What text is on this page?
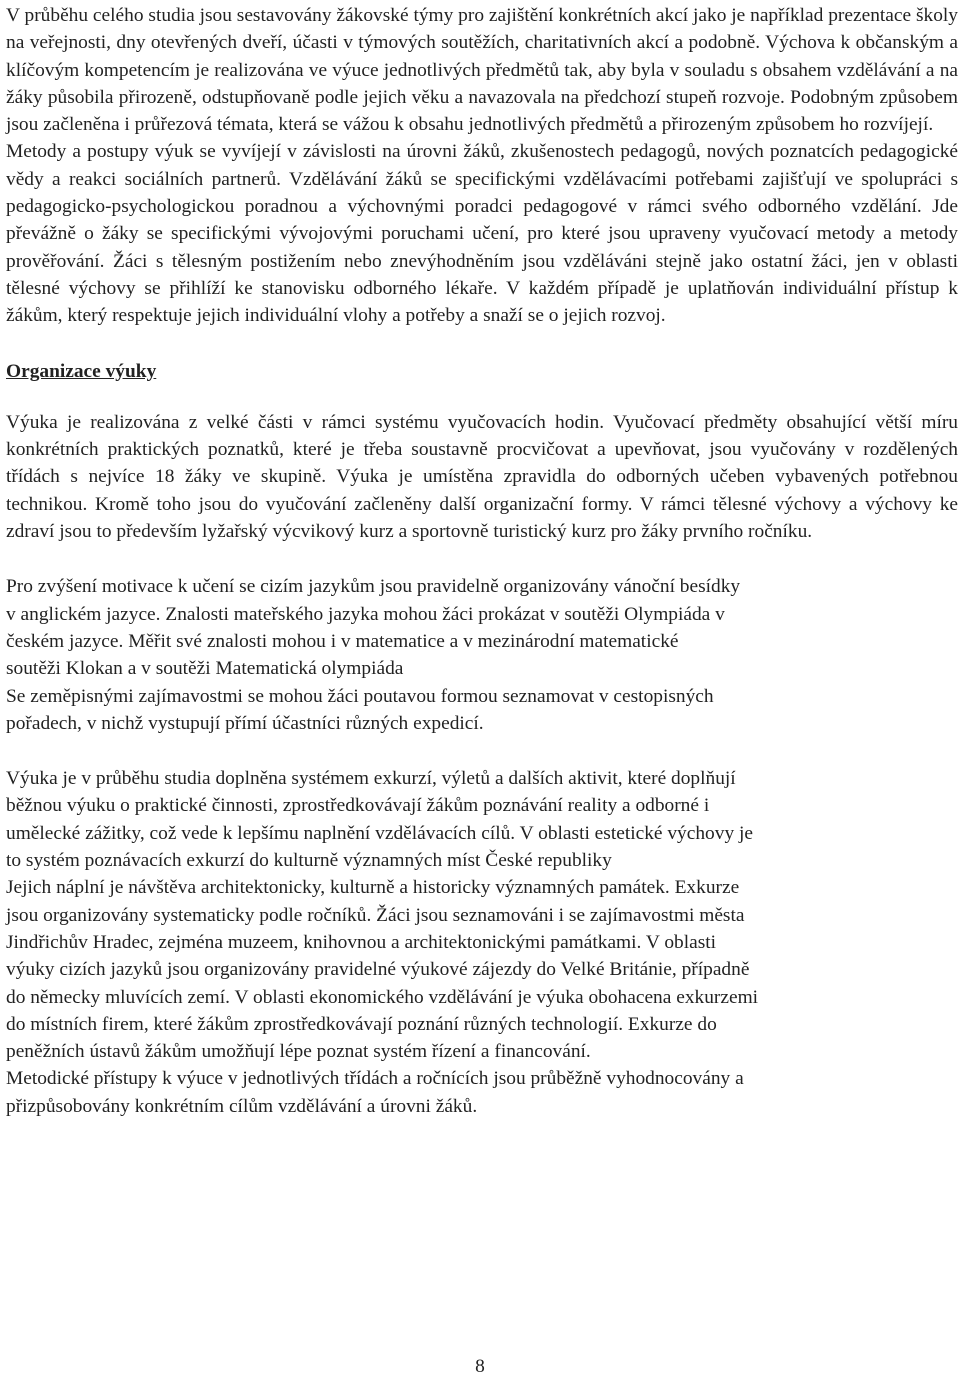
V průběhu celého studia jsou sestavovány žákovské týmy pro zajištění konkrétních akcí jako je například prezentace školy na veřejnosti, dny otevřených dveří, účasti v týmových soutěžích, charitativních akcí a podobně. Výchova k občanským a klíčovým kompetencím je realizována ve výuce jednotlivých předmětů tak, aby byla v souladu s obsahem vzdělávání a na žáky působila přirozeně, odstupňovaně podle jejich věku a navazovala na předchozí stupeň rozvoje. Podobným způsobem jsou začleněna i průřezová témata, která se vážou k obsahu jednotlivých předmětů a přirozeným způsobem ho rozvíjejí.

Metody a postupy výuk se vyvíjejí v závislosti na úrovni žáků, zkušenostech pedagogů, nových poznatcích pedagogické vědy a reakci sociálních partnerů. Vzdělávání žáků se specifickými vzdělávacími potřebami zajišťují ve spolupráci s pedagogicko-psychologickou poradnou a výchovnými poradci pedagogové v rámci svého odborného vzdělání. Jde převážně o žáky se specifickými vývojovými poruchami učení, pro které jsou upraveny vyučovací metody a metody prověřování. Žáci s tělesným postižením nebo znevýhodněním jsou vzděláváni stejně jako ostatní žáci, jen v oblasti tělesné výchovy se přihlíží ke stanovisku odborného lékaře. V každém případě je uplatňován individuální přístup k žákům, který respektuje jejich individuální vlohy a potřeby a snaží se o jejich rozvoj.

Organizace výuky

Výuka je realizována z velké části v rámci systému vyučovacích hodin. Vyučovací předměty obsahující větší míru konkrétních praktických poznatků, které je třeba soustavně procvičovat a upevňovat, jsou vyučovány v rozdělených třídách s nejvíce 18 žáky ve skupině. Výuka je umístěna zpravidla do odborných učeben vybavených potřebnou technikou. Kromě toho jsou do vyučování začleněny další organizační formy. V rámci tělesné výchovy a výchovy ke zdraví jsou to především lyžařský výcvikový kurz a sportovně turistický kurz pro žáky prvního ročníku.

Pro zvýšení motivace k učení se cizím jazykům jsou pravidelně organizovány vánoční besídky

v anglickém jazyce. Znalosti mateřského jazyka mohou žáci prokázat v soutěži Olympiáda v

českém jazyce. Měřit své znalosti mohou i v matematice a v mezinárodní matematické

soutěži Klokan a v soutěži Matematická olympiáda

Se zeměpisnými zajímavostmi se mohou žáci poutavou formou seznamovat v cestopisných

pořadech, v nichž vystupují přímí účastníci různých expedicí.

Výuka je v průběhu studia doplněna systémem exkurzí, výletů a dalších aktivit, které doplňují

běžnou výuku o praktické činnosti, zprostředkovávají žákům poznávání reality a odborné i

umělecké zážitky, což vede k lepšímu naplnění vzdělávacích cílů. V oblasti estetické výchovy je

to systém poznávacích exkurzí do kulturně významných míst České republiky

Jejich náplní je návštěva architektonicky, kulturně a historicky významných památek. Exkurze

jsou organizovány systematicky podle ročníků. Žáci jsou seznamováni i se zajímavostmi města

Jindřichův Hradec, zejména muzeem, knihovnou a architektonickými památkami. V oblasti

výuky cizích jazyků jsou organizovány pravidelné výukové zájezdy do Velké Británie, případně

do německy mluvících zemí. V oblasti ekonomického vzdělávání je výuka obohacena exkurzemi

do místních firem, které žákům zprostředkovávají poznání různých technologií. Exkurze do

peněžních ústavů žákům umožňují lépe poznat systém řízení a financování.

Metodické přístupy k výuce v jednotlivých třídách a ročnících jsou průběžně vyhodnocovány a

přizpůsobovány konkrétním cílům vzdělávání a úrovni žáků.

8
